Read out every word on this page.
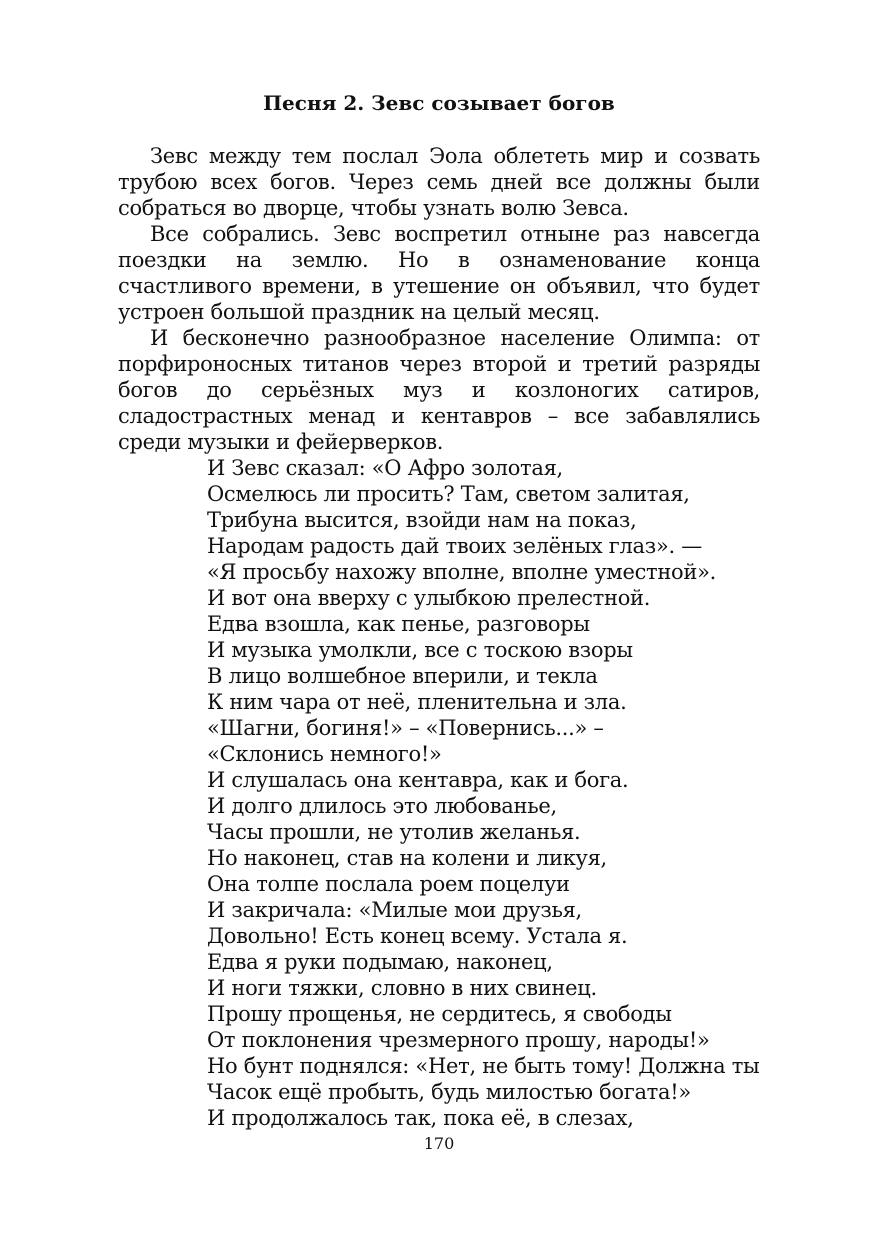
Песня 2. Зевс созывает богов

Зевс между тем послал Эола облететь мир и созвать трубою всех богов. Через семь дней все должны были собраться во дворце, чтобы узнать волю Зевса.

Все собрались. Зевс воспретил отныне раз навсегда поездки на землю. Но в ознаменование конца счастливого времени, в утешение он объявил, что будет устроен большой праздник на целый месяц.

И бесконечно разнообразное население Олимпа: от порфироносных титанов через второй и третий разряды богов до серьёзных муз и козлоногих сатиров, сладострастных менад и кентавров – все забавлялись среди музыки и фейерверков.

И Зевс сказал: «О Афро золотая,
Осмелюсь ли просить? Там, светом залитая,
Трибуна высится, взойди нам на показ,
Народам радость дай твоих зелёных глаз». —
«Я просьбу нахожу вполне, вполне уместной».
И вот она вверху с улыбкою прелестной.
Едва взошла, как пенье, разговоры
И музыка умолкли, все с тоскою взоры
В лицо волшебное вперили, и текла
К ним чара от неё, пленительна и зла.
«Шагни, богиня!» – «Повернись...» –
«Склонись немного!»
И слушалась она кентавра, как и бога.
И долго длилось это любованье,
Часы прошли, не утолив желанья.
Но наконец, став на колени и ликуя,
Она толпе послала роем поцелуи
И закричала: «Милые мои друзья,
Довольно! Есть конец всему. Устала я.
Едва я руки подымаю, наконец,
И ноги тяжки, словно в них свинец.
Прошу прощенья, не сердитесь, я свободы
От поклонения чрезмерного прошу, народы!»
Но бунт поднялся: «Нет, не быть тому! Должна ты
Часок ещё пробыть, будь милостью богата!»
И продолжалось так, пока её, в слезах,
170
